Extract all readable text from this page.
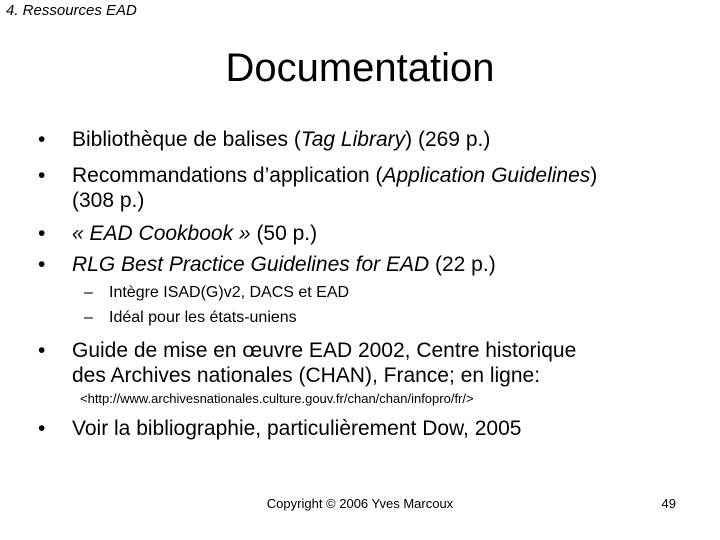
4. Ressources EAD
Documentation
• Bibliothèque de balises (Tag Library) (269 p.)
• Recommandations d’application (Application Guidelines)
(308 p.)
• « EAD Cookbook » (50 p.)
• RLG Best Practice Guidelines for EAD (22 p.)
– Intègre ISAD(G)v2, DACS et EAD
– Idéal pour les états-uniens
• Guide de mise en œuvre EAD 2002, Centre historique
des Archives nationales (CHAN), France; en ligne:
<http://www.archivesnationales.culture.gouv.fr/chan/chan/infopro/fr/>
• Voir la bibliographie, particulièrement Dow, 2005
Copyright © 2006 Yves Marcoux	49
